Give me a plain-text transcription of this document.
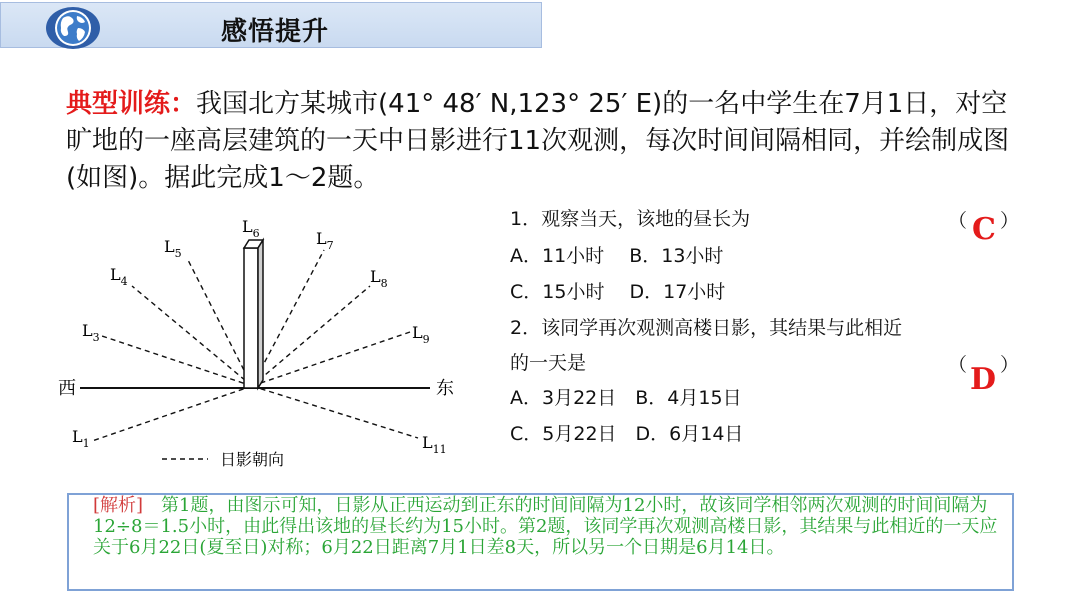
感悟提升
典型训练：我国北方某城市(41° 48′ N,123° 25′ E)的一名中学生在7月1日，对空旷地的一座高层建筑的一天中日影进行11次观测，每次时间间隔相同，并绘制成图(如图)。据此完成1～2题。
西	东
$L_1$
$L_3$
$L_4$
$L_5$
$L_6$	$L_7$
$L_8$
$L_9$
$L_{11}$
日影朝向
1．观察当天，该地的昼长为	（ C ）
A．11小时　 B．13小时
C．15小时　 D．17小时
2．该同学再次观测高楼日影，其结果与此相近
的一天是	（ D ）
A．3月22日　B．4月15日
C．5月22日　D．6月14日
[解析]　第1题，由图示可知，日影从正西运动到正东的时间间隔为12小时，故该同学相邻两次观测的时间间隔为12÷8＝1.5小时，由此得出该地的昼长约为15小时。第2题，该同学再次观测高楼日影，其结果与此相近的一天应关于6月22日(夏至日)对称；6月22日距离7月1日差8天，所以另一个日期是6月14日。
